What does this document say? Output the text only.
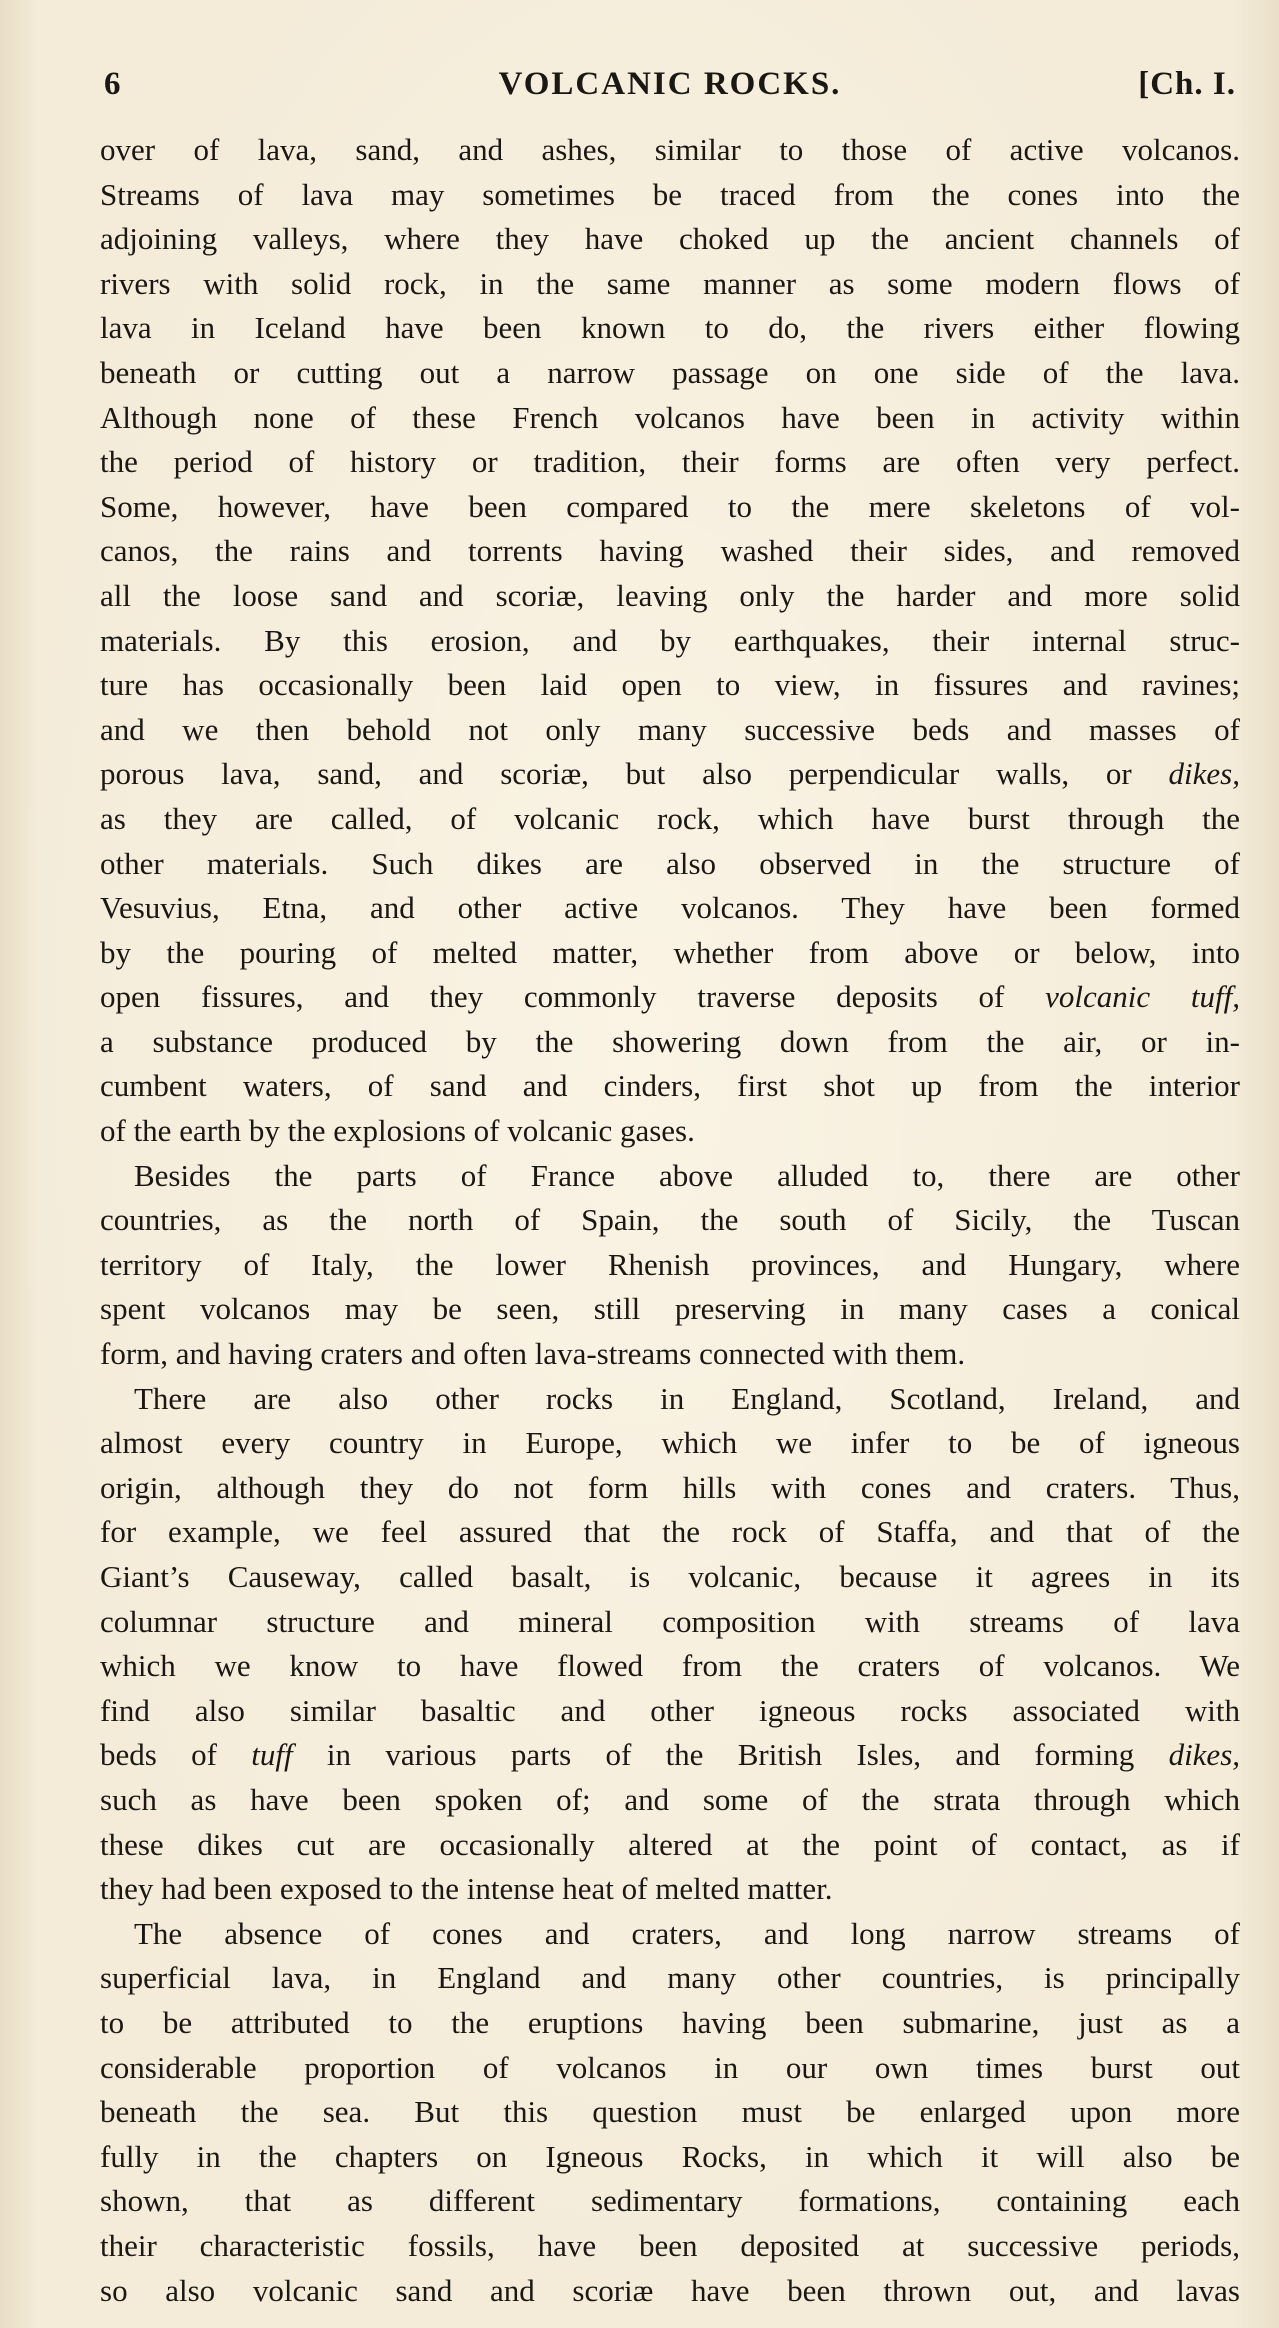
6	VOLCANIC ROCKS.	[Ch. I.
over of lava, sand, and ashes, similar to those of active volcanos.
Streams of lava may sometimes be traced from the cones into the
adjoining valleys, where they have choked up the ancient channels of
rivers with solid rock, in the same manner as some modern flows of
lava in Iceland have been known to do, the rivers either flowing
beneath or cutting out a narrow passage on one side of the lava.
Although none of these French volcanos have been in activity within
the period of history or tradition, their forms are often very perfect.
Some, however, have been compared to the mere skeletons of vol-
canos, the rains and torrents having washed their sides, and removed
all the loose sand and scoriæ, leaving only the harder and more solid
materials. By this erosion, and by earthquakes, their internal struc-
ture has occasionally been laid open to view, in fissures and ravines;
and we then behold not only many successive beds and masses of
porous lava, sand, and scoriæ, but also perpendicular walls, or dikes,
as they are called, of volcanic rock, which have burst through the
other materials. Such dikes are also observed in the structure of
Vesuvius, Etna, and other active volcanos. They have been formed
by the pouring of melted matter, whether from above or below, into
open fissures, and they commonly traverse deposits of volcanic tuff,
a substance produced by the showering down from the air, or in-
cumbent waters, of sand and cinders, first shot up from the interior
of the earth by the explosions of volcanic gases.
Besides the parts of France above alluded to, there are other
countries, as the north of Spain, the south of Sicily, the Tuscan
territory of Italy, the lower Rhenish provinces, and Hungary, where
spent volcanos may be seen, still preserving in many cases a conical
form, and having craters and often lava-streams connected with them.
There are also other rocks in England, Scotland, Ireland, and
almost every country in Europe, which we infer to be of igneous
origin, although they do not form hills with cones and craters. Thus,
for example, we feel assured that the rock of Staffa, and that of the
Giant’s Causeway, called basalt, is volcanic, because it agrees in its
columnar structure and mineral composition with streams of lava
which we know to have flowed from the craters of volcanos. We
find also similar basaltic and other igneous rocks associated with
beds of tuff in various parts of the British Isles, and forming dikes,
such as have been spoken of; and some of the strata through which
these dikes cut are occasionally altered at the point of contact, as if
they had been exposed to the intense heat of melted matter.
The absence of cones and craters, and long narrow streams of
superficial lava, in England and many other countries, is principally
to be attributed to the eruptions having been submarine, just as a
considerable proportion of volcanos in our own times burst out
beneath the sea. But this question must be enlarged upon more
fully in the chapters on Igneous Rocks, in which it will also be
shown, that as different sedimentary formations, containing each
their characteristic fossils, have been deposited at successive periods,
so also volcanic sand and scoriæ have been thrown out, and lavas
